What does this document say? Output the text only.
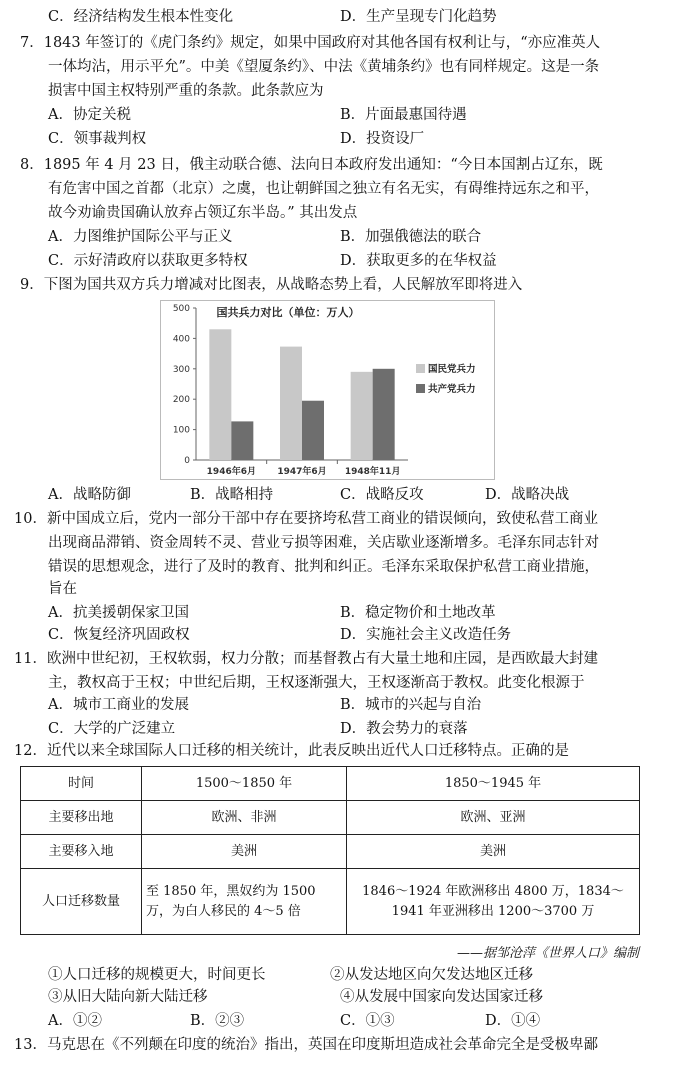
C．经济结构发生根本性变化	D．生产呈现专门化趋势
7．1843 年签订的《虎门条约》规定，如果中国政府对其他各国有权利让与，“亦应准英人
一体均沾，用示平允”。中美《望厦条约》、中法《黄埔条约》也有同样规定。这是一条
损害中国主权特别严重的条款。此条款应为
A．协定关税	B．片面最惠国待遇
C．领事裁判权	D．投资设厂
8．1895 年 4 月 23 日，俄主动联合德、法向日本政府发出通知：“今日本国割占辽东，既
有危害中国之首都（北京）之虞，也让朝鲜国之独立有名无实，有碍维持远东之和平，
故今劝谕贵国确认放弃占领辽东半岛。” 其出发点
A．力图维护国际公平与正义	B．加强俄德法的联合
C．示好清政府以获取更多特权	D．获取更多的在华权益
9．下图为国共双方兵力增减对比图表，从战略态势上看，人民解放军即将进入
国共兵力对比（单位：万人）
0
100
200
300
400
500
1946年6月 1947年6月 1948年11月
国民党兵力
共产党兵力
A．战略防御	B．战略相持	C．战略反攻	D．战略决战
10．新中国成立后，党内一部分干部中存在要挤垮私营工商业的错误倾向，致使私营工商业
出现商品滞销、资金周转不灵、营业亏损等困难，关店歇业逐渐增多。毛泽东同志针对
错误的思想观念，进行了及时的教育、批判和纠正。毛泽东采取保护私营工商业措施，
旨在
A．抗美援朝保家卫国	B．稳定物价和土地改革
C．恢复经济巩固政权	D．实施社会主义改造任务
11．欧洲中世纪初，王权软弱，权力分散；而基督教占有大量土地和庄园，是西欧最大封建
主，教权高于王权；中世纪后期，王权逐渐强大，王权逐渐高于教权。此变化根源于
A．城市工商业的发展	B．城市的兴起与自治
C．大学的广泛建立	D．教会势力的衰落
12．近代以来全球国际人口迁移的相关统计，此表反映出近代人口迁移特点。正确的是
时间	1500～1850 年	1850～1945 年
主要移出地	欧洲、非洲	欧洲、亚洲
主要移入地	美洲	美洲
人口迁移数量	至 1850 年，黑奴约为 1500 万，为白人移民的 4～5 倍	1846～1924 年欧洲移出 4800 万，1834～1941 年亚洲移出 1200～3700 万
——据邹沧萍《世界人口》编制
①人口迁移的规模更大，时间更长	②从发达地区向欠发达地区迁移
③从旧大陆向新大陆迁移	④从发展中国家向发达国家迁移
A．①②	B．②③	C．①③	D．①④
13．马克思在《不列颠在印度的统治》指出，英国在印度斯坦造成社会革命完全是受极卑鄙
